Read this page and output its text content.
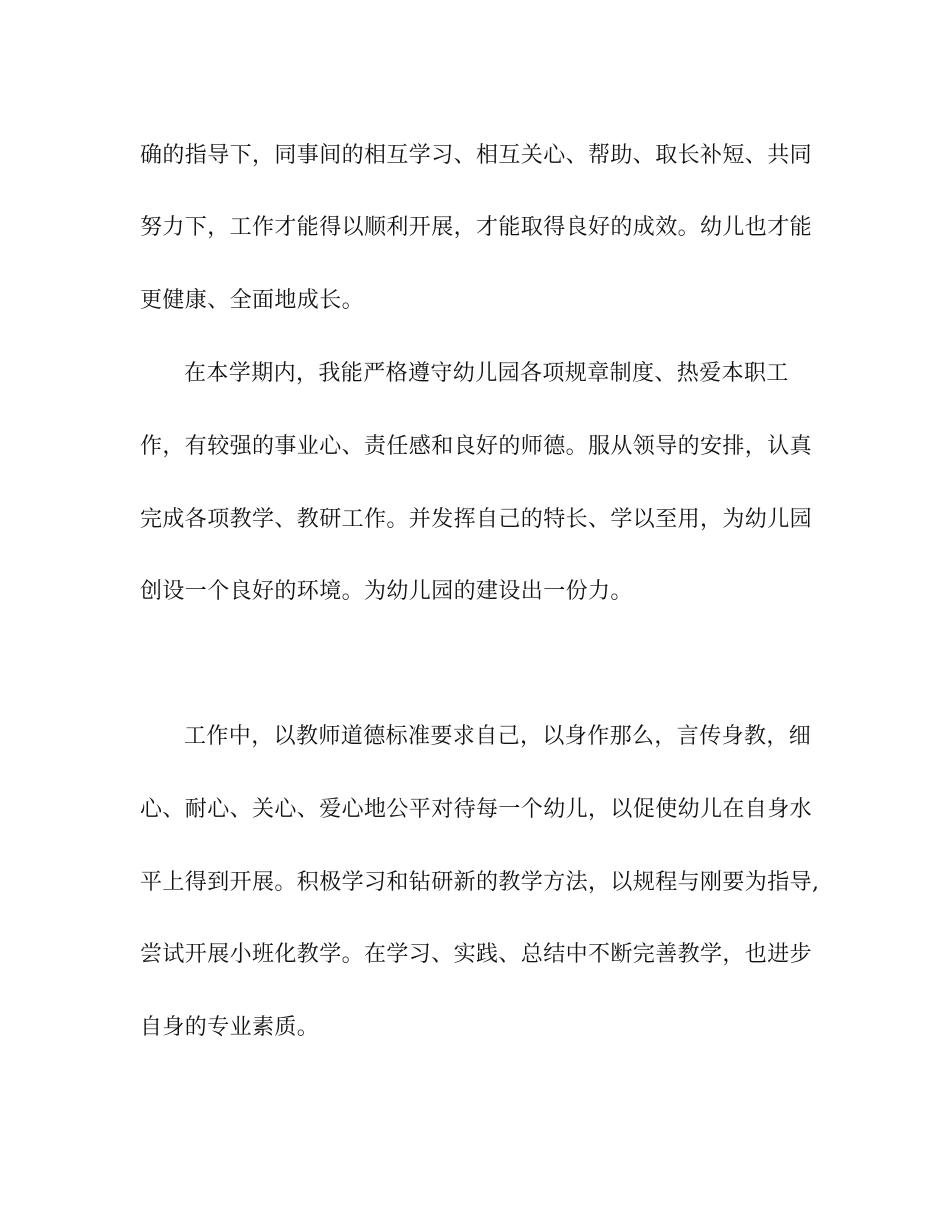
确的指导下，同事间的相互学习、相互关心、帮助、取长补短、共同
努力下，工作才能得以顺利开展，才能取得良好的成效。幼儿也才能
更健康、全面地成长。
在本学期内，我能严格遵守幼儿园各项规章制度、热爱本职工
作，有较强的事业心、责任感和良好的师德。服从领导的安排，认真
完成各项教学、教研工作。并发挥自己的特长、学以至用，为幼儿园
创设一个良好的环境。为幼儿园的建设出一份力。
工作中，以教师道德标准要求自己，以身作那么，言传身教，细
心、耐心、关心、爱心地公平对待每一个幼儿，以促使幼儿在自身水
平上得到开展。积极学习和钻研新的教学方法，以规程与刚要为指导,
尝试开展小班化教学。在学习、实践、总结中不断完善教学，也进步
自身的专业素质。
